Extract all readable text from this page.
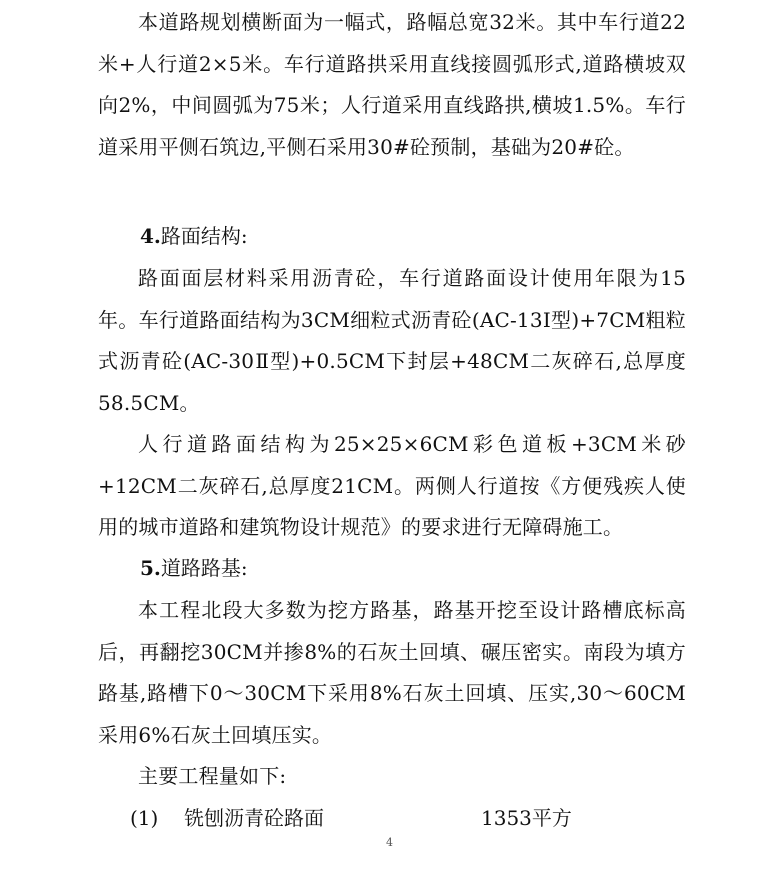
本道路规划横断面为一幅式，路幅总宽32米。其中车行道22米+人行道2×5米。车行道路拱采用直线接圆弧形式,道路横坡双向2%，中间圆弧为75米；人行道采用直线路拱,横坡1.5%。车行道采用平侧石筑边,平侧石采用30#砼预制，基础为20#砼。

4.路面结构:

路面面层材料采用沥青砼，车行道路面设计使用年限为15年。车行道路面结构为3CM细粒式沥青砼(AC-13Ⅰ型)+7CM粗粒式沥青砼(AC-30Ⅱ型)+0.5CM下封层+48CM二灰碎石,总厚度58.5CM。

人行道路面结构为25×25×6CM彩色道板+3CM米砂+12CM二灰碎石,总厚度21CM。两侧人行道按《方便残疾人使用的城市道路和建筑物设计规范》的要求进行无障碍施工。

5.道路路基:

本工程北段大多数为挖方路基，路基开挖至设计路槽底标高后，再翻挖30CM并掺8%的石灰土回填、碾压密实。南段为填方路基,路槽下0～30CM下采用8%石灰土回填、压实,30～60CM采用6%石灰土回填压实。

主要工程量如下:

(1) 铣刨沥青砼路面	1353平方
4
